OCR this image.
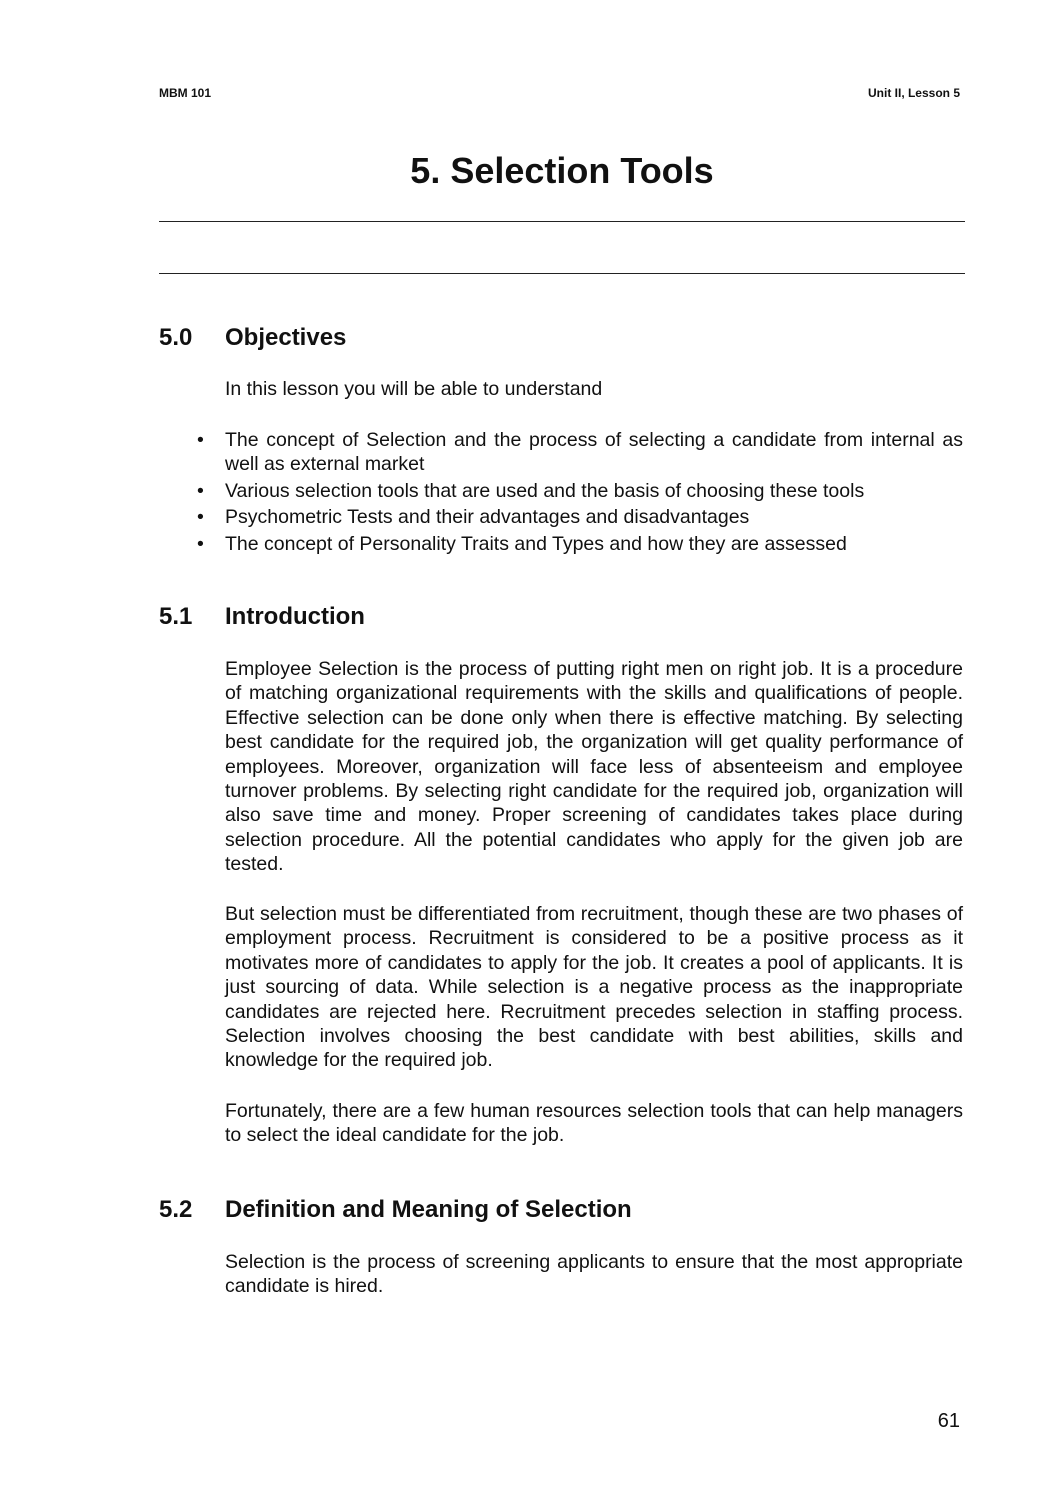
MBM 101	Unit II, Lesson 5
5. Selection Tools
5.0 Objectives

In this lesson you will be able to understand

• The concept of Selection and the process of selecting a candidate from internal as well as external market
• Various selection tools that are used and the basis of choosing these tools
• Psychometric Tests and their advantages and disadvantages
• The concept of Personality Traits and Types and how they are assessed
5.1 Introduction

Employee Selection is the process of putting right men on right job. It is a procedure of matching organizational requirements with the skills and qualifications of people. Effective selection can be done only when there is effective matching. By selecting best candidate for the required job, the organization will get quality performance of employees. Moreover, organization will face less of absenteeism and employee turnover problems. By selecting right candidate for the required job, organization will also save time and money. Proper screening of candidates takes place during selection procedure. All the potential candidates who apply for the given job are tested.

But selection must be differentiated from recruitment, though these are two phases of employment process. Recruitment is considered to be a positive process as it motivates more of candidates to apply for the job. It creates a pool of applicants. It is just sourcing of data. While selection is a negative process as the inappropriate candidates are rejected here. Recruitment precedes selection in staffing process. Selection involves choosing the best candidate with best abilities, skills and knowledge for the required job.

Fortunately, there are a few human resources selection tools that can help managers to select the ideal candidate for the job.

5.2 Definition and Meaning of Selection

Selection is the process of screening applicants to ensure that the most appropriate candidate is hired.

61
